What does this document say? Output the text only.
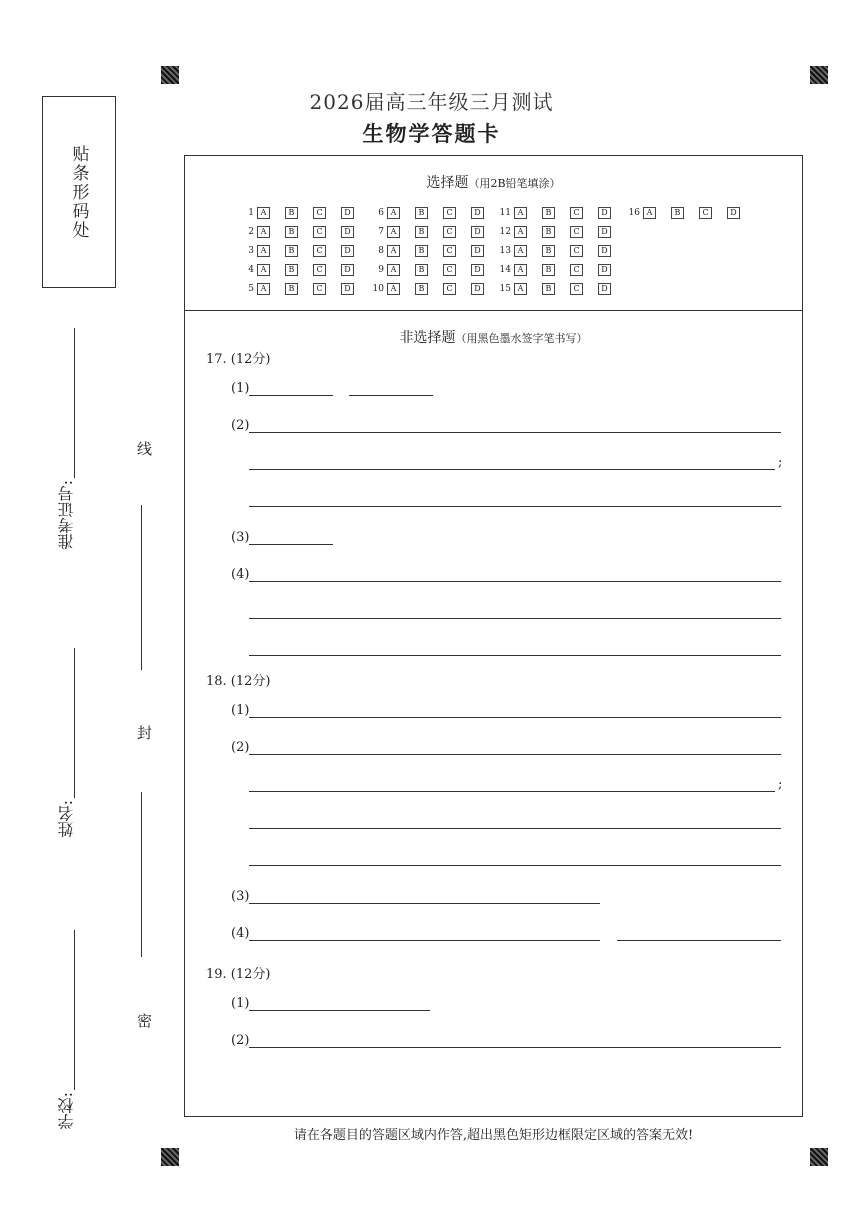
2026届高三年级三月测试
生物学答题卡
贴条形码处
准考证号:
姓名:
学校:
线
封
密
选择题（用2B铅笔填涂）
1 A	B	C	D
2 A	B	C	D
3 A	B	C	D
4 A	B	C	D
5 A	B	C	D
6 A	B	C	D
7 A	B	C	D
8 A	B	C	D
9 A	B	C	D
10 A	B	C	D
11 A	B	C	D
12 A	B	C	D
13 A	B	C	D
14 A	B	C	D
15 A	B	C	D
16 A	B	C	D
非选择题（用黑色墨水签字笔书写）
17. (12分)
(1)
(2)
;
(3)
(4)
18. (12分)
(1)
(2)
;
(3)
(4)
19. (12分)
(1)
(2)
请在各题目的答题区域内作答,超出黑色矩形边框限定区域的答案无效!
